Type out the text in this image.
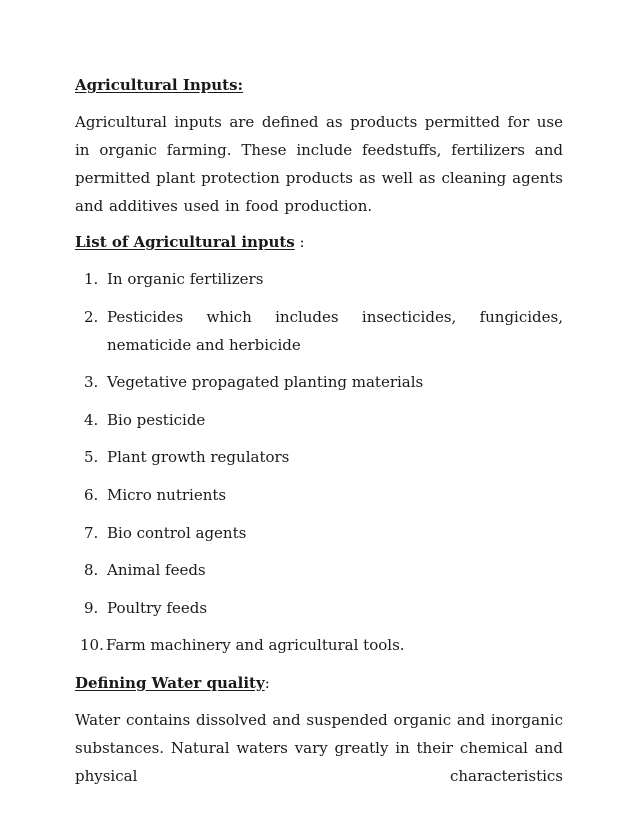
Agricultural Inputs:

Agricultural inputs are defined as products permitted for use in organic farming. These include feedstuffs, fertilizers and permitted plant protection products as well as cleaning agents and additives used in food production.

List of Agricultural inputs :

1. In organic fertilizers
2. Pesticides which includes insecticides, fungicides, nematicide and herbicide
3. Vegetative propagated planting materials
4. Bio pesticide
5. Plant growth regulators
6. Micro nutrients
7. Bio control agents
8. Animal feeds
9. Poultry feeds
10. Farm machinery and agricultural tools.

Defining Water quality:

Water contains dissolved and suspended organic and inorganic substances. Natural waters vary greatly in their chemical and physical characteristics
